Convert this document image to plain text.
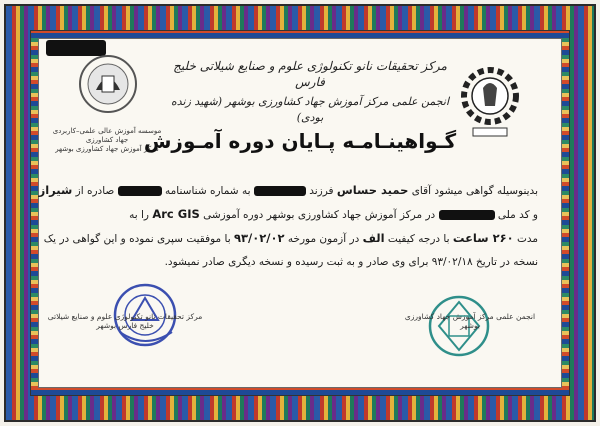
موسسه آموزش عالی علمی–کاربردی جهاد کشاورزی
مرکز آموزش جهاد کشاورزی بوشهر
مرکز تحقیقات نانو تکنولوژی علوم و صنایع شیلاتی خلیج فارس
انجمن علمی مرکز آموزش جهاد کشاورزی بوشهر (شهید زنده بودی)
گـواهینـامـه پـایان دوره آمـوزش
بدینوسیله گواهی میشود آقای حمید حساس فرزند  به شماره شناسنامه  صادره از شیراز
و کد ملی  در مرکز آموزش جهاد کشاورزی بوشهر دوره آموزشی Arc GIS را به
مدت ۲۶۰ ساعت با درجه کیفیت الف در آزمون مورخه ۹۳/۰۲/۰۲ با موفقیت سپری نموده و این گواهی در یک
نسخه در تاریخ ۹۳/۰۲/۱۸ برای وی صادر و به ثبت رسیده و نسخه دیگری صادر نمیشود.
مرکز تحقیقات نانو تکنولوژی علوم و صنایع شیلاتی خلیج فارس بوشهر
انجمن علمی مرکز آموزش جهاد کشاورزی بوشهر
